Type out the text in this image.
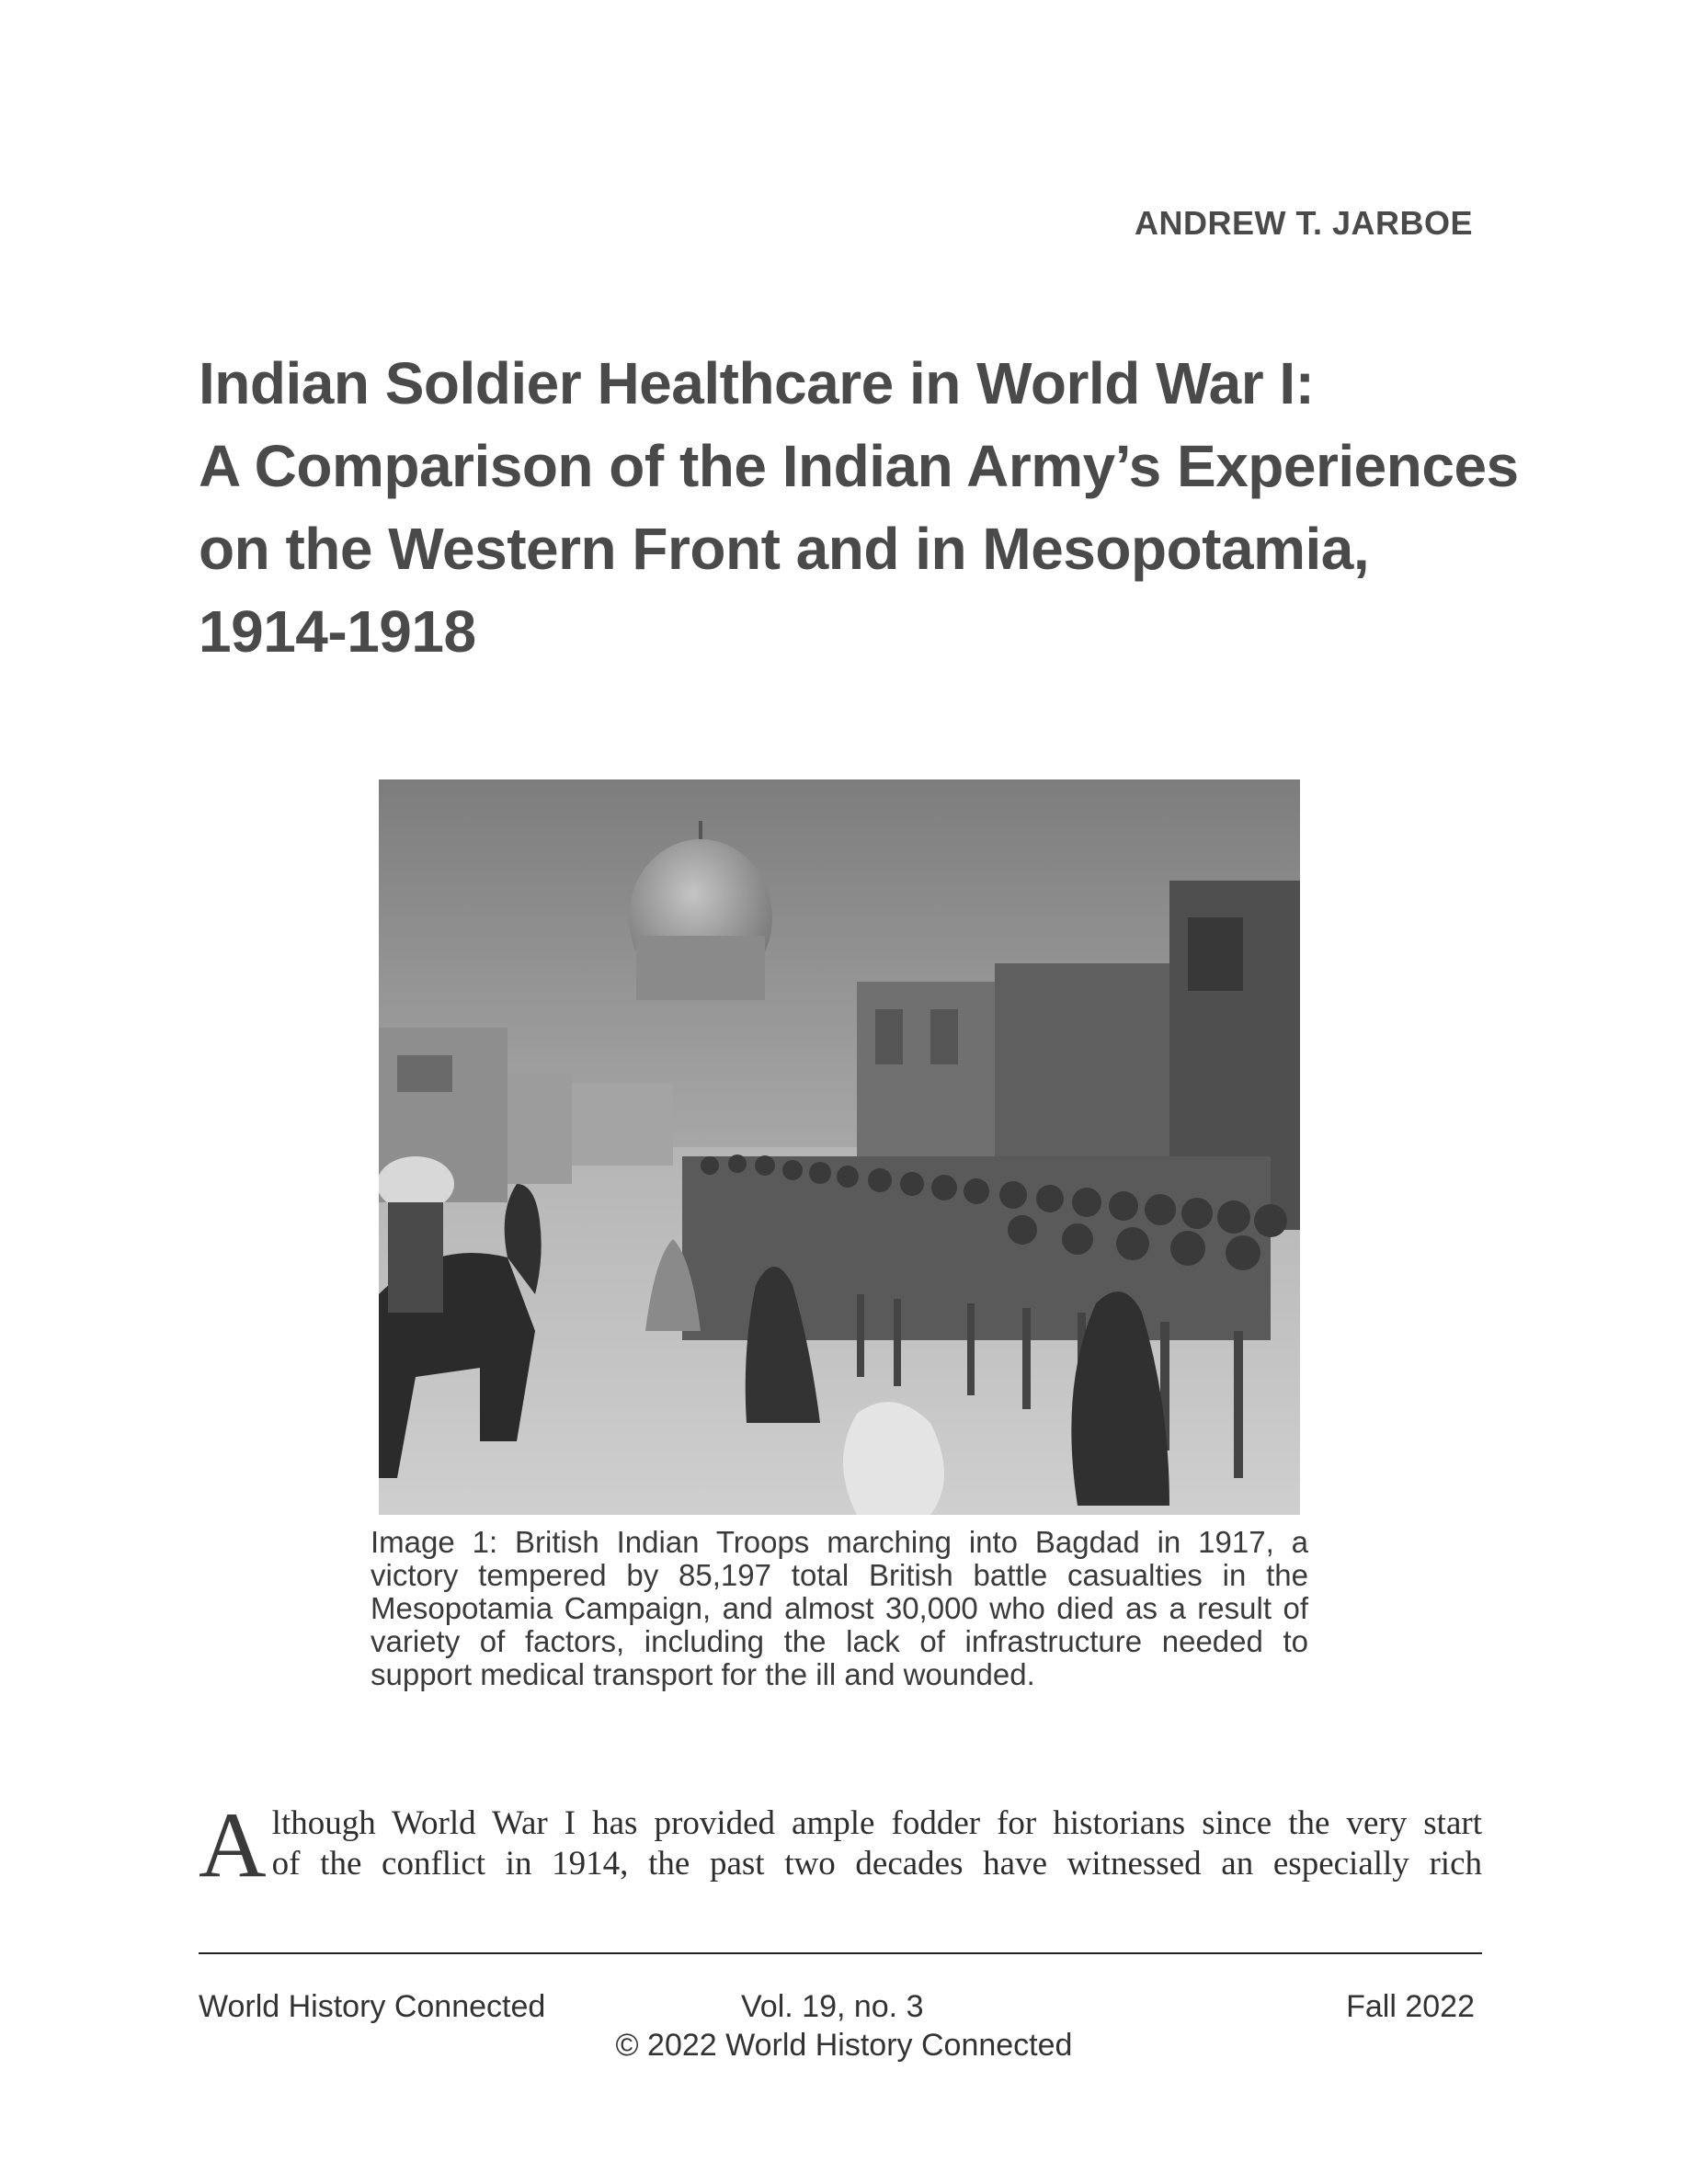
ANDREW T. JARBOE
Indian Soldier Healthcare in World War I:
A Comparison of the Indian Army’s Experiences
on the Western Front and in Mesopotamia,
1914-1918
Image 1: British Indian Troops marching into Bagdad in 1917, a victory tempered by 85,197 total British battle casualties in the Mesopotamia Campaign, and almost 30,000 who died as a result of variety of factors, including the lack of infrastructure needed to support medical transport for the ill and wounded.
A lthough World War I has provided ample fodder for historians since the very start
of the conflict in 1914, the past two decades have witnessed an especially rich
World History Connected	Vol. 19, no. 3	Fall 2022
© 2022 World History Connected
